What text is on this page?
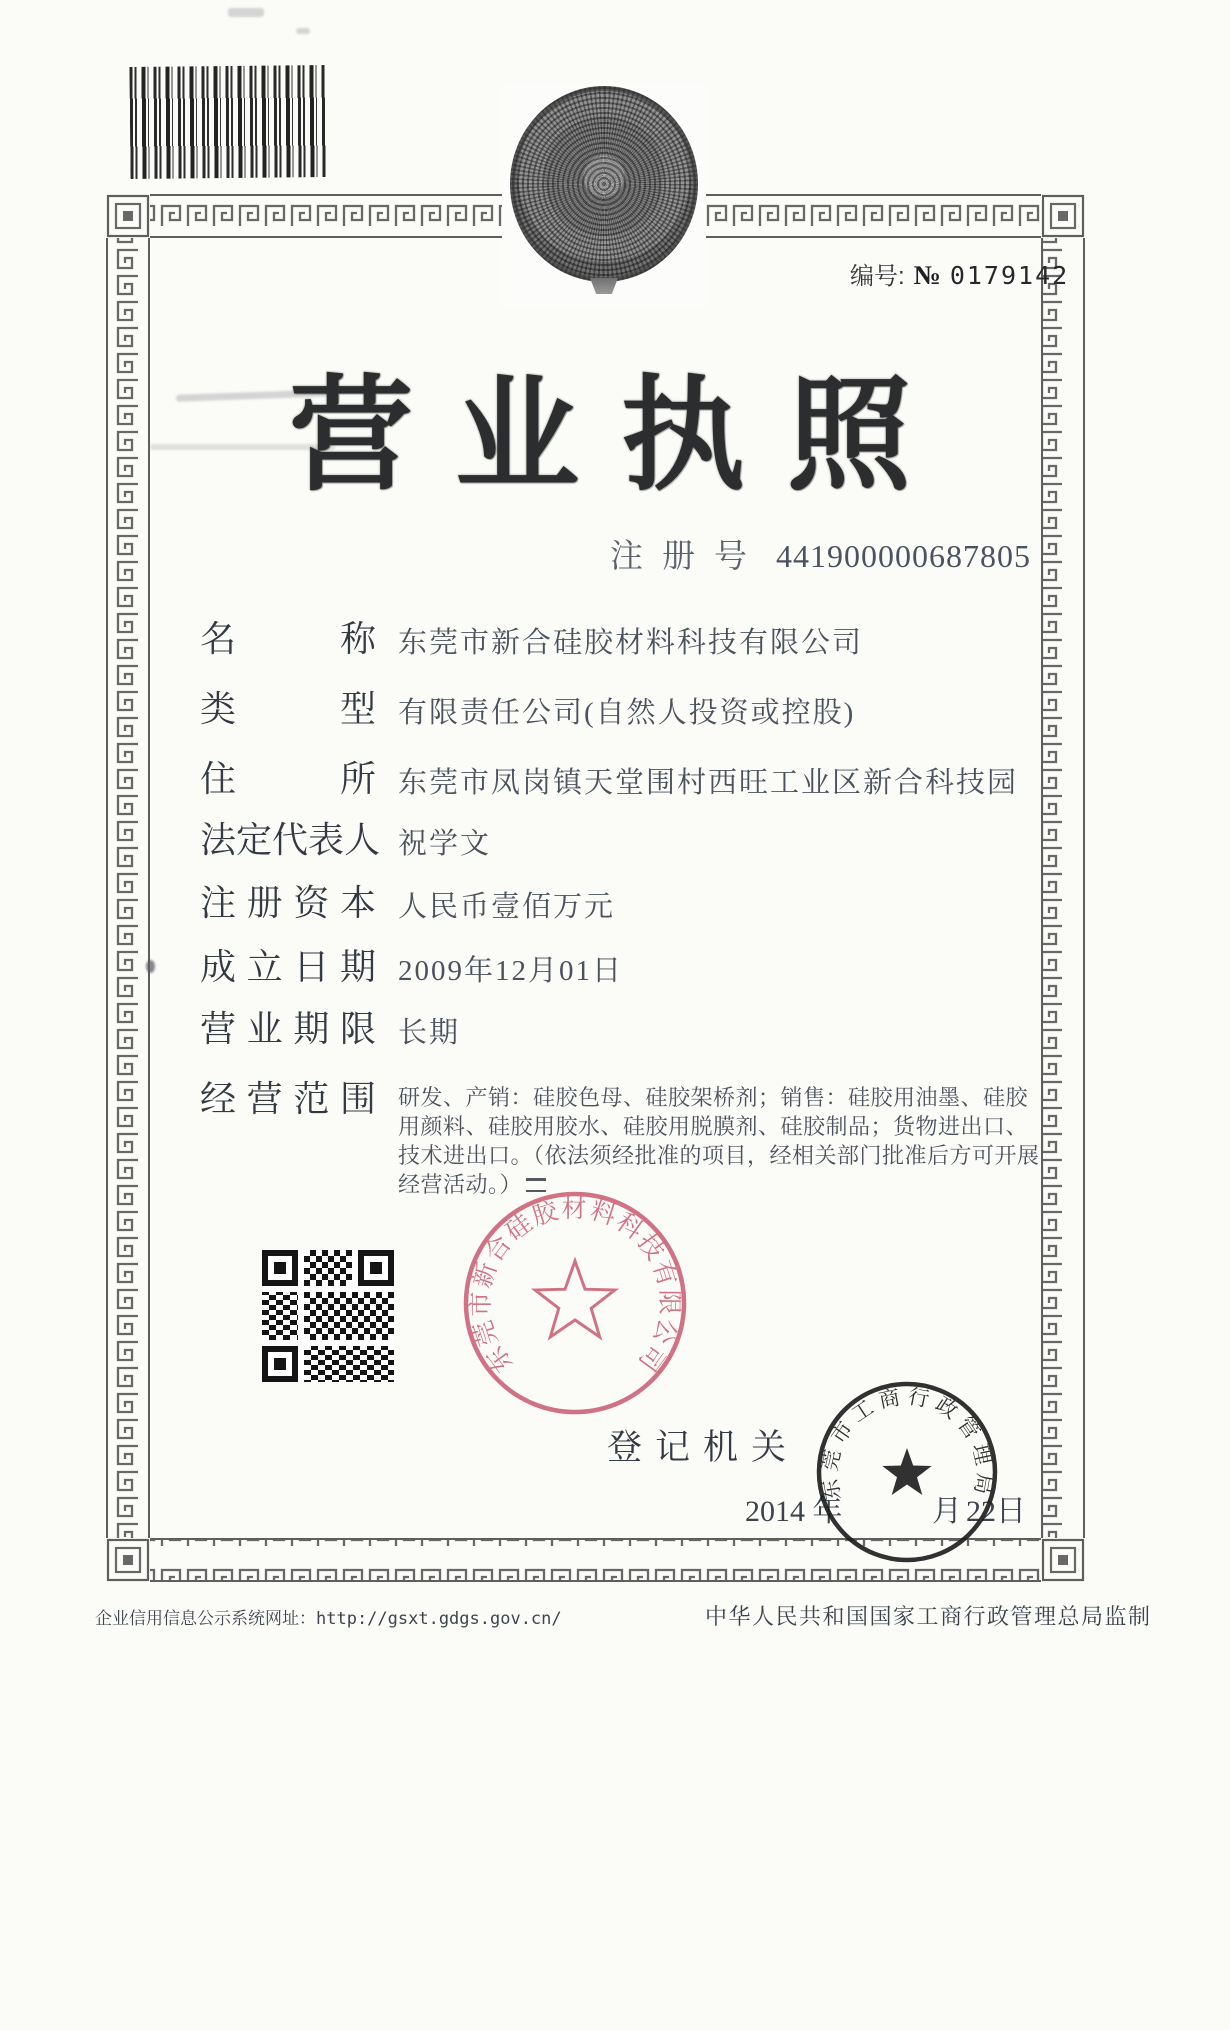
编号: № 0179142
营业执照
注册号 441900000687805
名	称 东莞市新合硅胶材料科技有限公司
类	型 有限责任公司(自然人投资或控股)
住	所 东莞市凤岗镇天堂围村西旺工业区新合科技园
法 定 代 表 人 祝学文
注 册 资 本 人民币壹佰万元
成 立 日 期 2009年12月01日
营 业 期 限 长期
经 营 范 围 研发、产销：硅胶色母、硅胶架桥剂；销售：硅胶用油墨、硅胶用颜料、硅胶用胶水、硅胶用脱膜剂、硅胶制品；货物进出口、技术进出口。（依法须经批准的项目，经相关部门批准后方可开展经营活动。）
东莞市新合硅胶材料科技有限公司
登记机关
2014 年	月 22日
东莞市工商行政管理局
企业信用信息公示系统网址：http://gsxt.gdgs.gov.cn/	中华人民共和国国家工商行政管理总局监制
